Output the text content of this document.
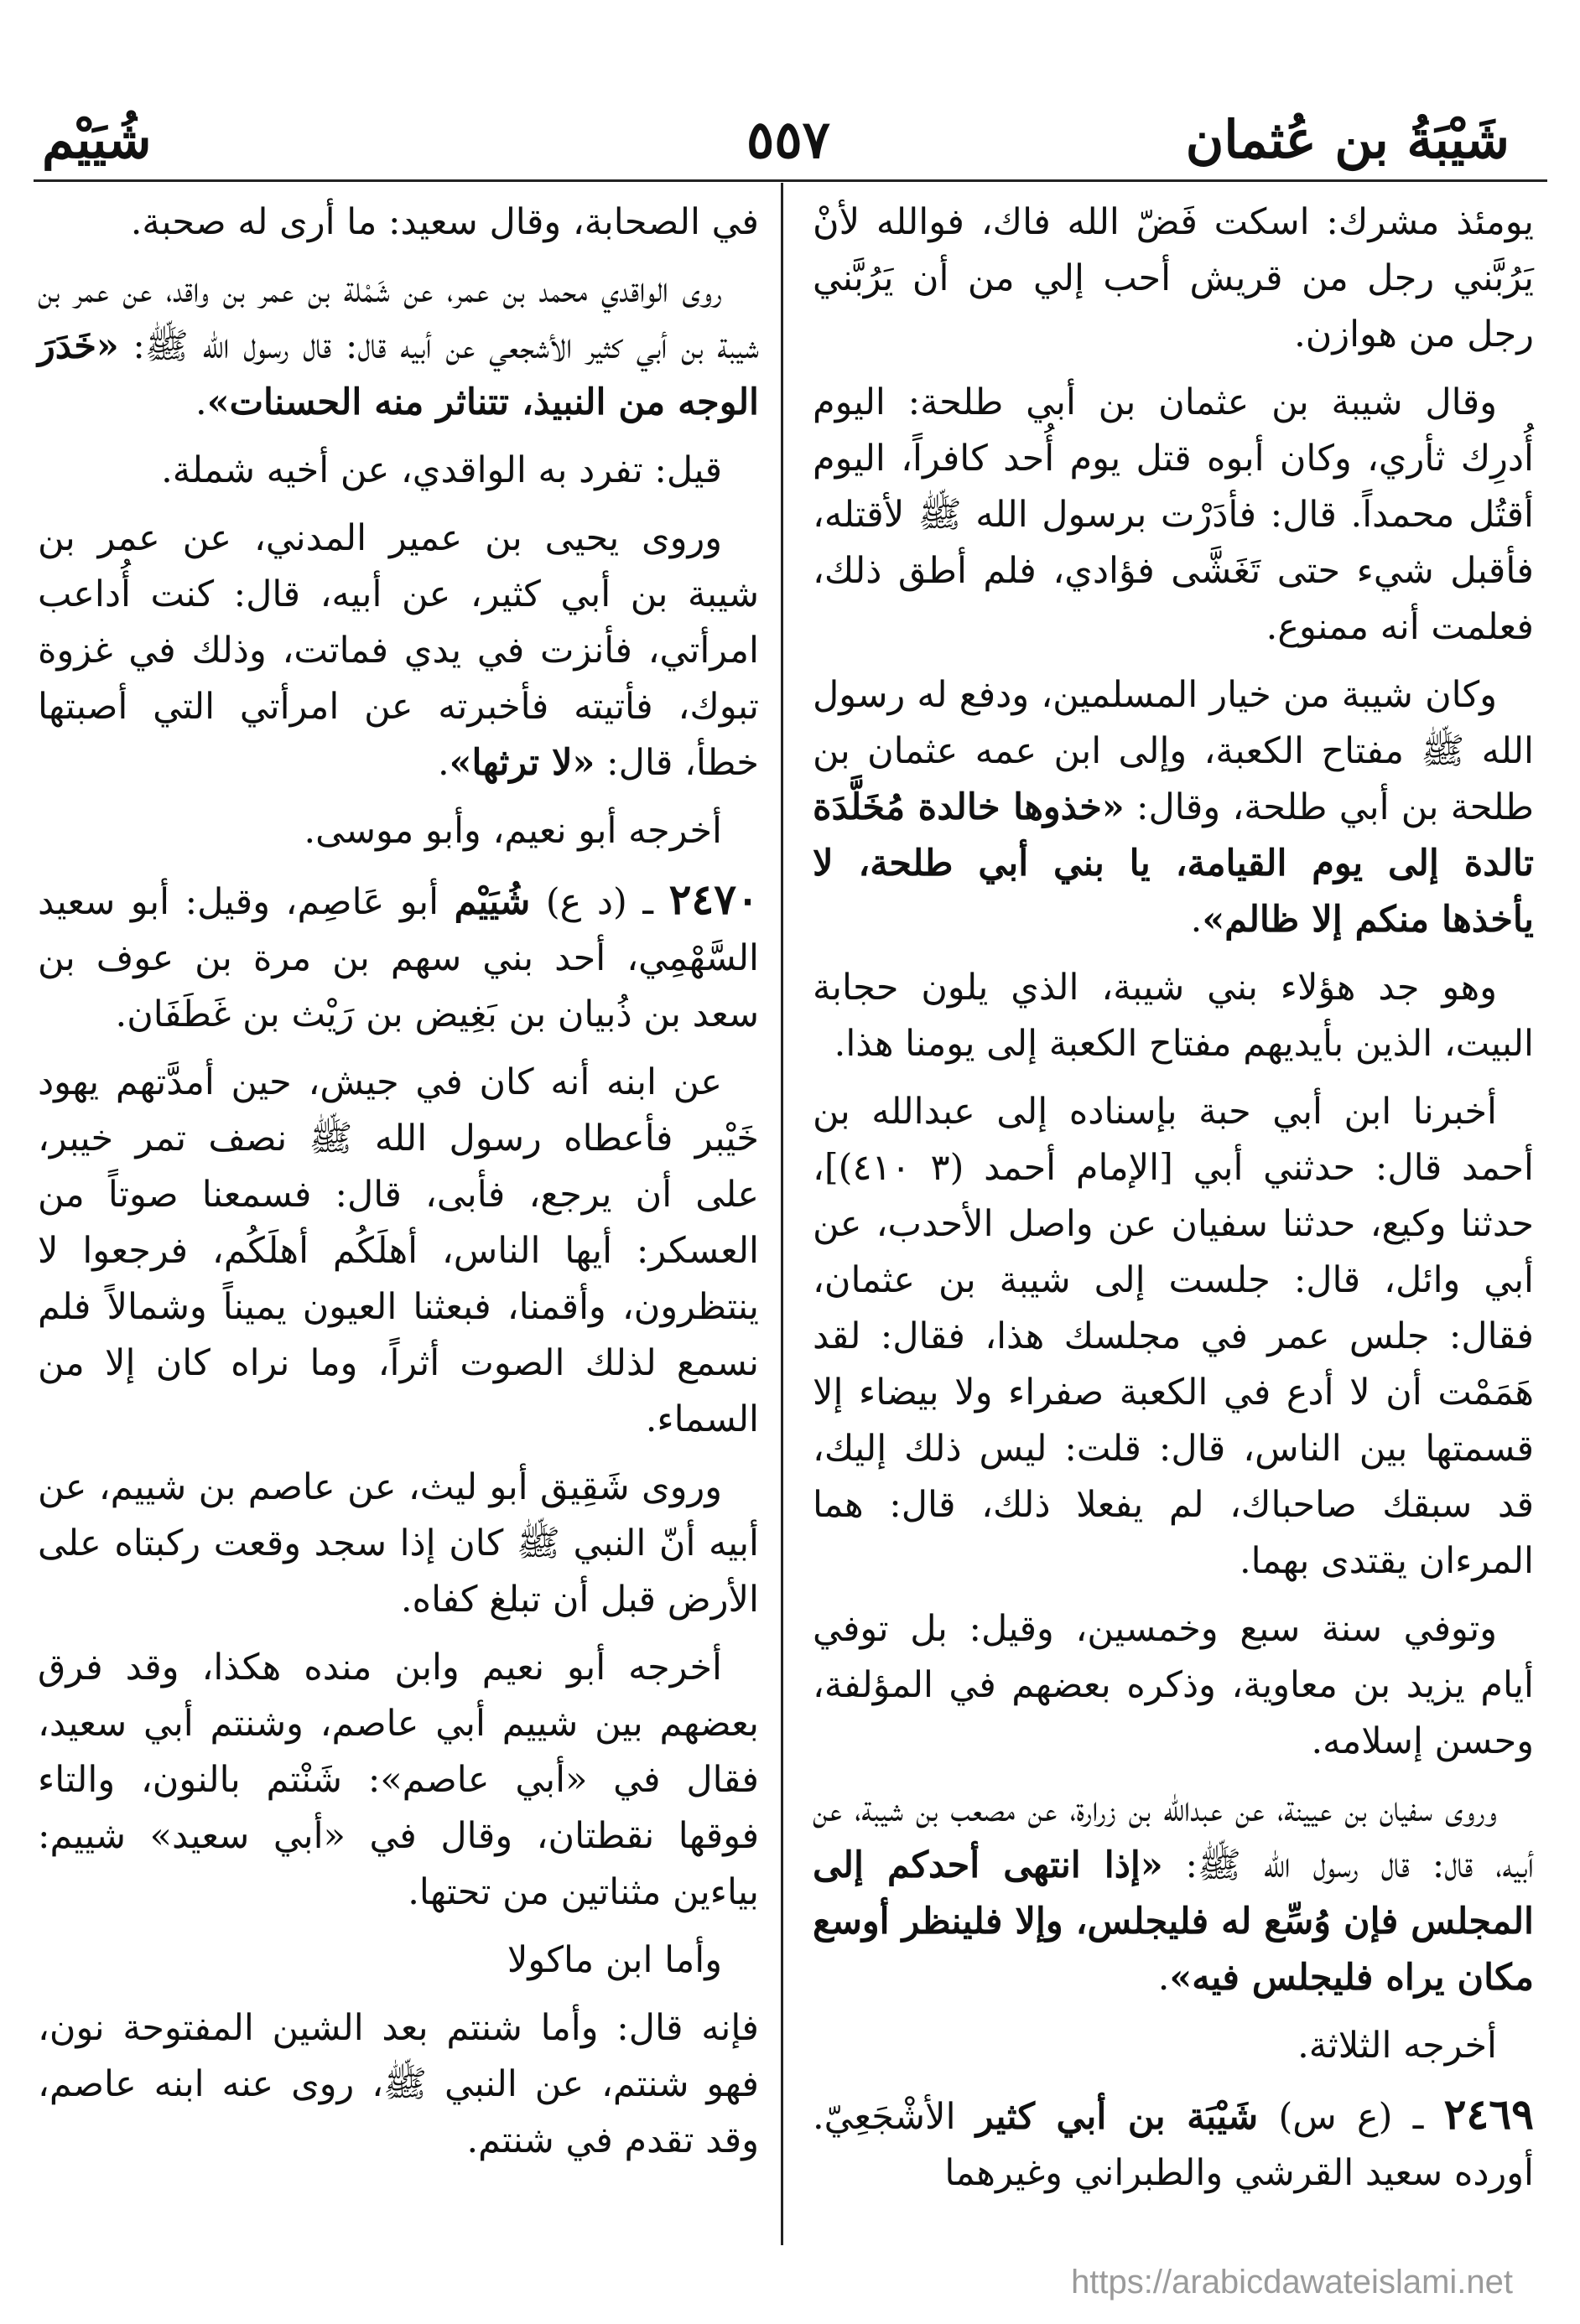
شَيْبَةُ بن عُثمان
٥٥٧
شُيَيْم

يومئذ مشرك: اسكت فَضّ الله فاك، فوالله لأنْ يَرُبَّني رجل من قريش أحب إلي من أن يَرُبَّني رجل من هوازن.

وقال شيبة بن عثمان بن أبي طلحة: اليوم أُدرِك ثأري، وكان أبوه قتل يوم أُحد كافراً، اليوم أقتُل محمداً. قال: فأدَرْت برسول الله ﷺ لأقتله، فأقبل شيء حتى تَغَشَّى فؤادي، فلم أطق ذلك، فعلمت أنه ممنوع.

وكان شيبة من خيار المسلمين، ودفع له رسول الله ﷺ مفتاح الكعبة، وإلى ابن عمه عثمان بن طلحة بن أبي طلحة، وقال: «خذوها خالدة مُخَلَّدَة تالدة إلى يوم القيامة، يا بني أبي طلحة، لا يأخذها منكم إلا ظالم».

وهو جد هؤلاء بني شيبة، الذي يلون حجابة البيت، الذين بأيديهم مفتاح الكعبة إلى يومنا هذا.

أخبرنا ابن أبي حبة بإسناده إلى عبدالله بن أحمد قال: حدثني أبي [الإمام أحمد (٣ ٤١٠)]، حدثنا وكيع، حدثنا سفيان عن واصل الأحدب، عن أبي وائل، قال: جلست إلى شيبة بن عثمان، فقال: جلس عمر في مجلسك هذا، فقال: لقد هَمَمْت أن لا أدع في الكعبة صفراء ولا بيضاء إلا قسمتها بين الناس، قال: قلت: ليس ذلك إليك، قد سبقك صاحباك، لم يفعلا ذلك، قال: هما المرءان يقتدى بهما.

وتوفي سنة سبع وخمسين، وقيل: بل توفي أيام يزيد بن معاوية، وذكره بعضهم في المؤلفة، وحسن إسلامه.

وروى سفيان بن عيينة، عن عبدالله بن زرارة، عن مصعب بن شيبة، عن أبيه، قال: قال رسول الله ﷺ: «إذا انتهى أحدكم إلى المجلس فإن وُسِّع له فليجلس، وإلا فلينظر أوسع مكان يراه فليجلس فيه».

أخرجه الثلاثة.

٢٤٦٩ ـ (ع س) شَيْبَة بن أبي كثير الأشْجَعِيّ. أورده سعيد القرشي والطبراني وغيرهما

في الصحابة، وقال سعيد: ما أرى له صحبة.

روى الواقدي محمد بن عمر، عن شَمْلة بن عمر بن واقد، عن عمر بن شيبة بن أبي كثير الأشجعي عن أبيه قال: قال رسول الله ﷺ: «خَدَرَ الوجه من النبيذ، تتناثر منه الحسنات».

قيل: تفرد به الواقدي، عن أخيه شملة.

وروى يحيى بن عمير المدني، عن عمر بن شيبة بن أبي كثير، عن أبيه، قال: كنت أُداعب امرأتي، فأنزت في يدي فماتت، وذلك في غزوة تبوك، فأتيته فأخبرته عن امرأتي التي أصبتها خطأ، قال: «لا ترثها».

أخرجه أبو نعيم، وأبو موسى.

٢٤٧٠ ـ (د ع) شُيَيْم أبو عَاصِم، وقيل: أبو سعيد السَّهْمِي، أحد بني سهم بن مرة بن عوف بن سعد بن ذُبيان بن بَغِيض بن رَيْث بن غَطَفَان.

عن ابنه أنه كان في جيش، حين أمدَّتهم يهود خَيْبر فأعطاه رسول الله ﷺ نصف تمر خيبر، على أن يرجع، فأبى، قال: فسمعنا صوتاً من العسكر: أيها الناس، أهلَكُم أهلَكُم، فرجعوا لا ينتظرون، وأقمنا، فبعثنا العيون يميناً وشمالاً فلم نسمع لذلك الصوت أثراً، وما نراه كان إلا من السماء.

وروى شَقِيق أبو ليث، عن عاصم بن شييم، عن أبيه أنّ النبي ﷺ كان إذا سجد وقعت ركبتاه على الأرض قبل أن تبلغ كفاه.

أخرجه أبو نعيم وابن منده هكذا، وقد فرق بعضهم بين شييم أبي عاصم، وشنتم أبي سعيد، فقال في «أبي عاصم»: شَنْتم بالنون، والتاء فوقها نقطتان، وقال في «أبي سعيد» شييم: بياءين مثناتين من تحتها.

وأما ابن ماكولا

فإنه قال: وأما شنتم بعد الشين المفتوحة نون، فهو شنتم، عن النبي ﷺ، روى عنه ابنه عاصم، وقد تقدم في شنتم.

https://arabicdawateislami.net
